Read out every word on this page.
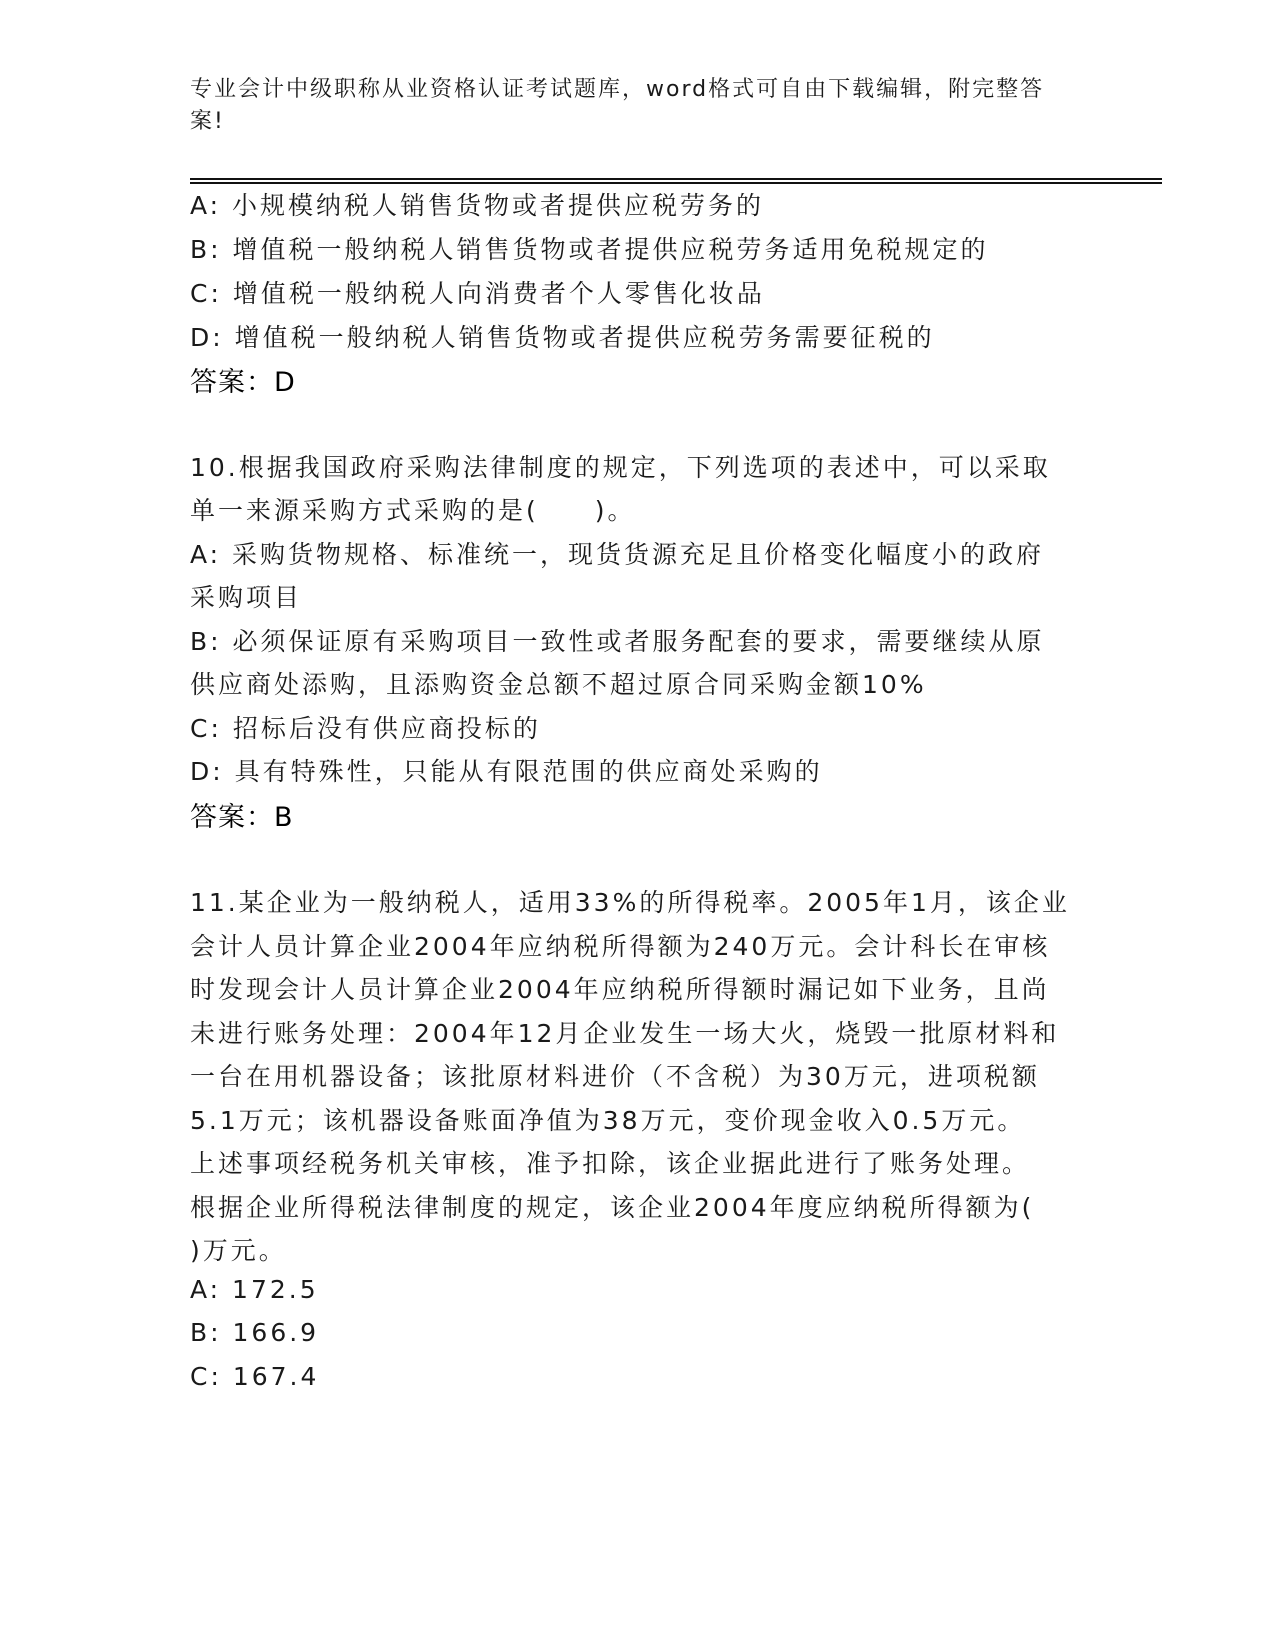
专业会计中级职称从业资格认证考试题库，word格式可自由下载编辑，附完整答
案!
A: 小规模纳税人销售货物或者提供应税劳务的
B: 增值税一般纳税人销售货物或者提供应税劳务适用免税规定的
C: 增值税一般纳税人向消费者个人零售化妆品
D: 增值税一般纳税人销售货物或者提供应税劳务需要征税的
答案：D
10.根据我国政府采购法律制度的规定，下列选项的表述中，可以采取
单一来源采购方式采购的是(　　)。
A: 采购货物规格、标准统一，现货货源充足且价格变化幅度小的政府
采购项目
B: 必须保证原有采购项目一致性或者服务配套的要求，需要继续从原
供应商处添购，且添购资金总额不超过原合同采购金额10%
C: 招标后没有供应商投标的
D: 具有特殊性，只能从有限范围的供应商处采购的
答案：B
11.某企业为一般纳税人，适用33%的所得税率。2005年1月，该企业
会计人员计算企业2004年应纳税所得额为240万元。会计科长在审核
时发现会计人员计算企业2004年应纳税所得额时漏记如下业务，且尚
未进行账务处理：2004年12月企业发生一场大火，烧毁一批原材料和
一台在用机器设备；该批原材料进价（不含税）为30万元，进项税额
5.1万元；该机器设备账面净值为38万元，变价现金收入0.5万元。
上述事项经税务机关审核，准予扣除，该企业据此进行了账务处理。
根据企业所得税法律制度的规定，该企业2004年度应纳税所得额为(
)万元。
A: 172.5
B: 166.9
C: 167.4
